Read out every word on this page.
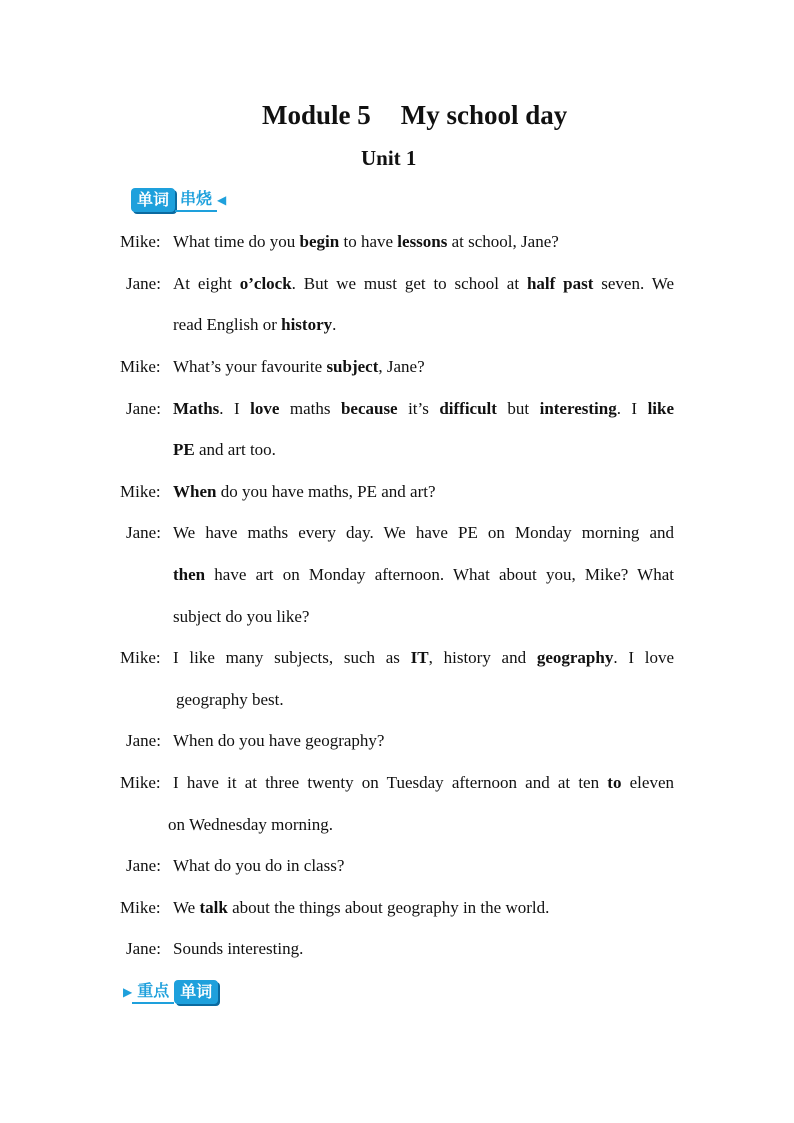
Module 5 My school day
Unit 1
单词 串烧 ◀
Mike: What time do you begin to have lessons at school, Jane?
Jane: At eight o’clock. But we must get to school at half past seven. We
read English or history.
Mike: What’s your favourite subject, Jane?
Jane: Maths. I love maths because it’s difficult but interesting. I like
PE and art too.
Mike: When do you have maths, PE and art?
Jane: We have maths every day. We have PE on Monday morning and
then have art on Monday afternoon. What about you, Mike? What
subject do you like?
Mike: I like many subjects, such as IT, history and geography. I love
geography best.
Jane: When do you have geography?
Mike: I have it at three twenty on Tuesday afternoon and at ten to eleven
on Wednesday morning.
Jane: What do you do in class?
Mike: We talk about the things about geography in the world.
Jane: Sounds interesting.
▶ 重点 单词
